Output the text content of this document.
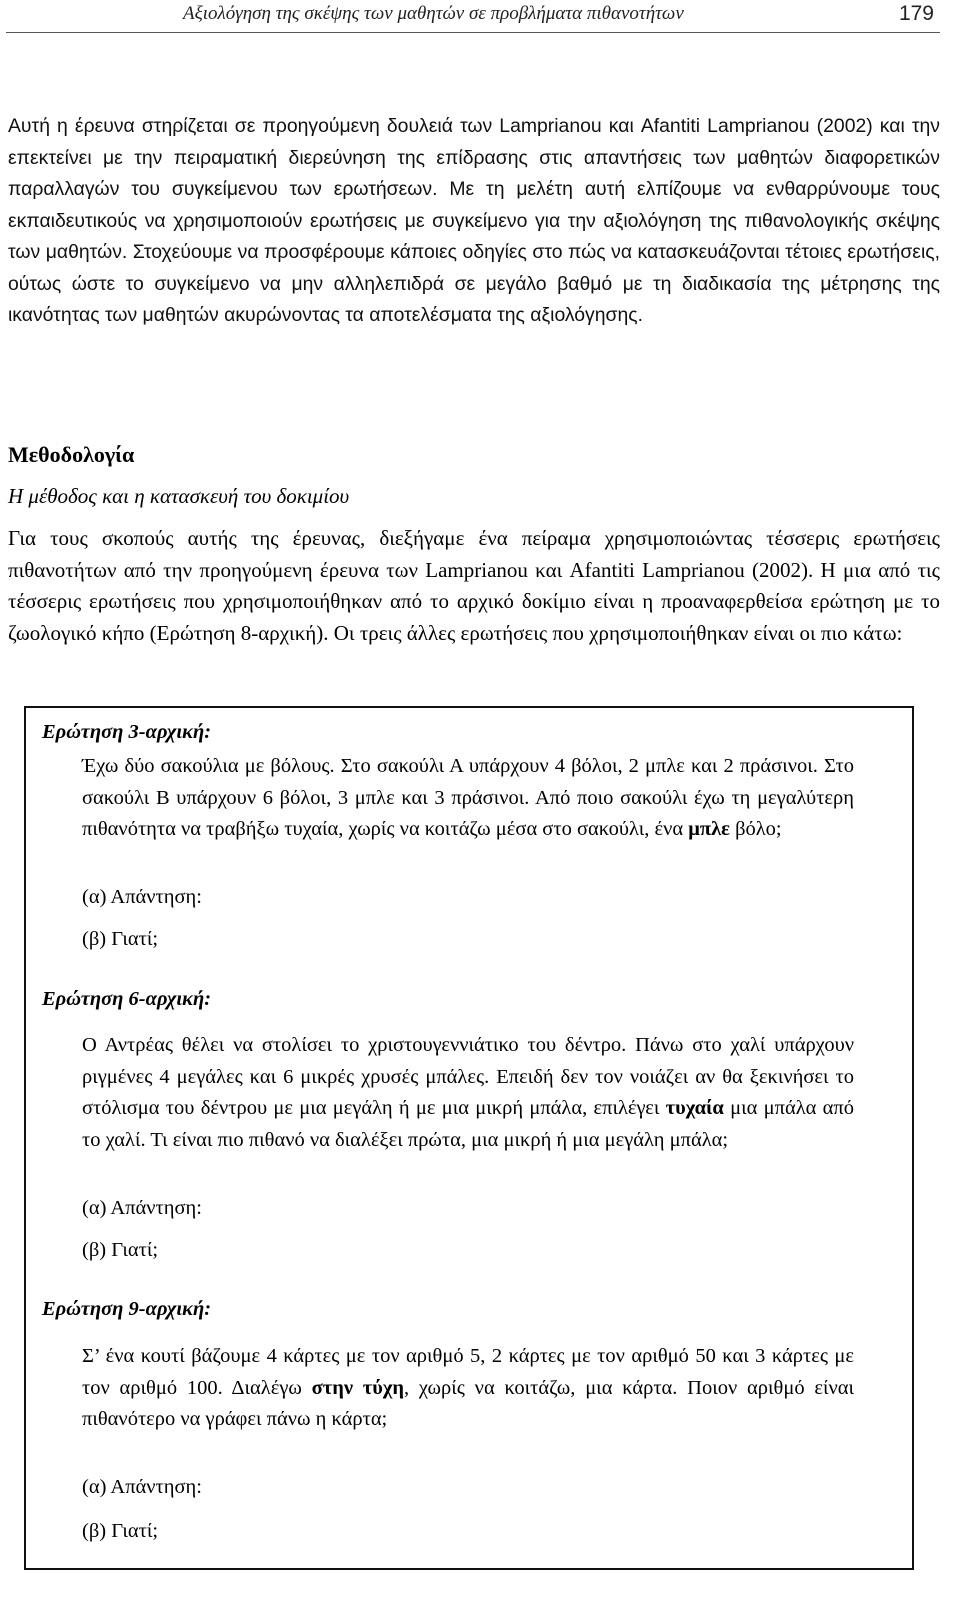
Αξιολόγηση της σκέψης των μαθητών σε προβλήματα πιθανοτήτων	179

Αυτή η έρευνα στηρίζεται σε προηγούμενη δουλειά των Lamprianou και Afantiti Lamprianou (2002) και την επεκτείνει με την πειραματική διερεύνηση της επίδρασης στις απαντήσεις των μαθητών διαφορετικών παραλλαγών του συγκείμενου των ερωτήσεων. Με τη μελέτη αυτή ελπίζουμε να ενθαρρύνουμε τους εκπαιδευτικούς να χρησιμοποιούν ερωτήσεις με συγκείμενο για την αξιολόγηση της πιθανολογικής σκέψης των μαθητών. Στοχεύουμε να προσφέρουμε κάποιες οδηγίες στο πώς να κατασκευάζονται τέτοιες ερωτήσεις, ούτως ώστε το συγκείμενο να μην αλληλεπιδρά σε μεγάλο βαθμό με τη διαδικασία της μέτρησης της ικανότητας των μαθητών ακυρώνοντας τα αποτελέσματα της αξιολόγησης.

Μεθοδολογία

Η μέθοδος και η κατασκευή του δοκιμίου

Για τους σκοπούς αυτής της έρευνας, διεξήγαμε ένα πείραμα χρησιμοποιώντας τέσσερις ερωτήσεις πιθανοτήτων από την προηγούμενη έρευνα των Lamprianou και Afantiti Lamprianou (2002). Η μια από τις τέσσερις ερωτήσεις που χρησιμοποιήθηκαν από το αρχικό δοκίμιο είναι η προαναφερθείσα ερώτηση με το ζωολογικό κήπο (Ερώτηση 8-αρχική). Οι τρεις άλλες ερωτήσεις που χρησιμοποιήθηκαν είναι οι πιο κάτω:

Ερώτηση 3-αρχική:

Έχω δύο σακούλια με βόλους. Στο σακούλι Α υπάρχουν 4 βόλοι, 2 μπλε και 2 πράσινοι. Στο σακούλι Β υπάρχουν 6 βόλοι, 3 μπλε και 3 πράσινοι. Από ποιο σακούλι έχω τη μεγαλύτερη πιθανότητα να τραβήξω τυχαία, χωρίς να κοιτάζω μέσα στο σακούλι, ένα μπλε βόλο;

(α) Απάντηση:

(β) Γιατί;

Ερώτηση 6-αρχική:

Ο Αντρέας θέλει να στολίσει το χριστουγεννιάτικο του δέντρο. Πάνω στο χαλί υπάρχουν ριγμένες 4 μεγάλες και 6 μικρές χρυσές μπάλες. Επειδή δεν τον νοιάζει αν θα ξεκινήσει το στόλισμα του δέντρου με μια μεγάλη ή με μια μικρή μπάλα, επιλέγει τυχαία μια μπάλα από το χαλί. Τι είναι πιο πιθανό να διαλέξει πρώτα, μια μικρή ή μια μεγάλη μπάλα;

(α) Απάντηση:

(β) Γιατί;

Ερώτηση 9-αρχική:

Σ’ ένα κουτί βάζουμε 4 κάρτες με τον αριθμό 5, 2 κάρτες με τον αριθμό 50 και 3 κάρτες με τον αριθμό 100. Διαλέγω στην τύχη, χωρίς να κοιτάζω, μια κάρτα. Ποιον αριθμό είναι πιθανότερο να γράφει πάνω η κάρτα;

(α) Απάντηση:

(β) Γιατί;
